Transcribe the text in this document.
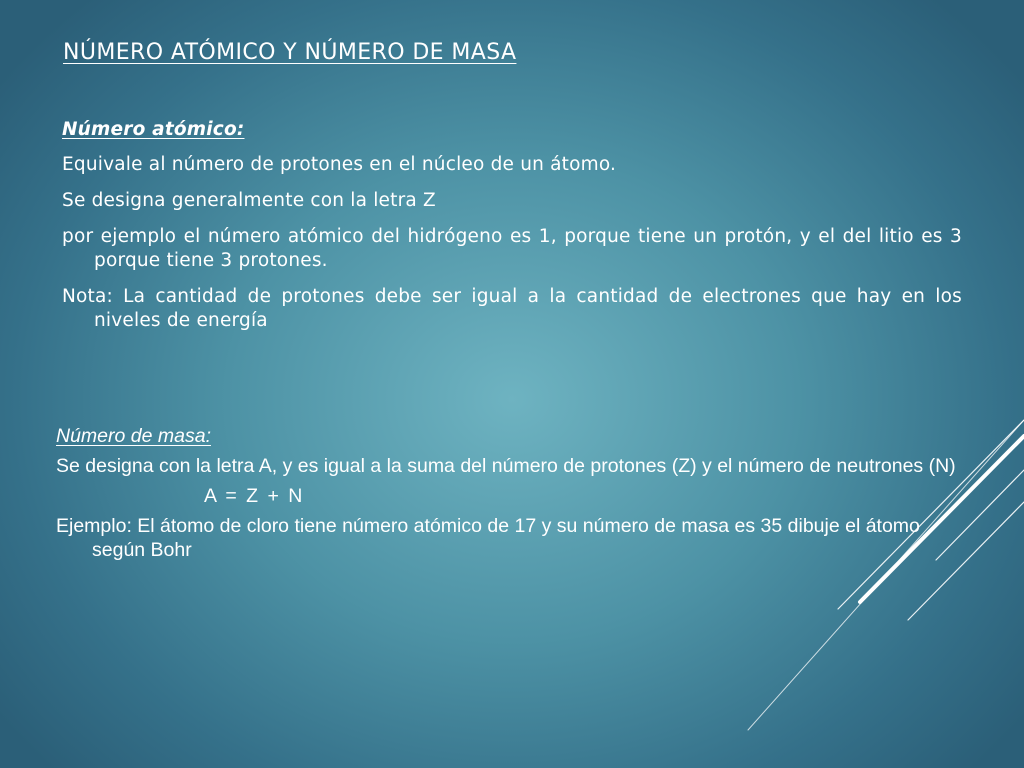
NÚMERO ATÓMICO Y NÚMERO DE MASA
Número atómico:
Equivale al número de protones en el núcleo de un átomo.
Se designa generalmente con la letra Z
por ejemplo el número atómico del hidrógeno es 1, porque tiene un protón, y el del litio es 3 porque tiene 3 protones.
Nota: La cantidad de protones debe ser igual a la cantidad de electrones que hay en los niveles de energía
Número de masa:
Se designa con la letra A, y es igual a la suma del número de protones (Z) y el número de neutrones (N)
A = Z + N
Ejemplo: El átomo de cloro tiene número atómico de 17 y su número de masa es 35 dibuje el átomo según Bohr
